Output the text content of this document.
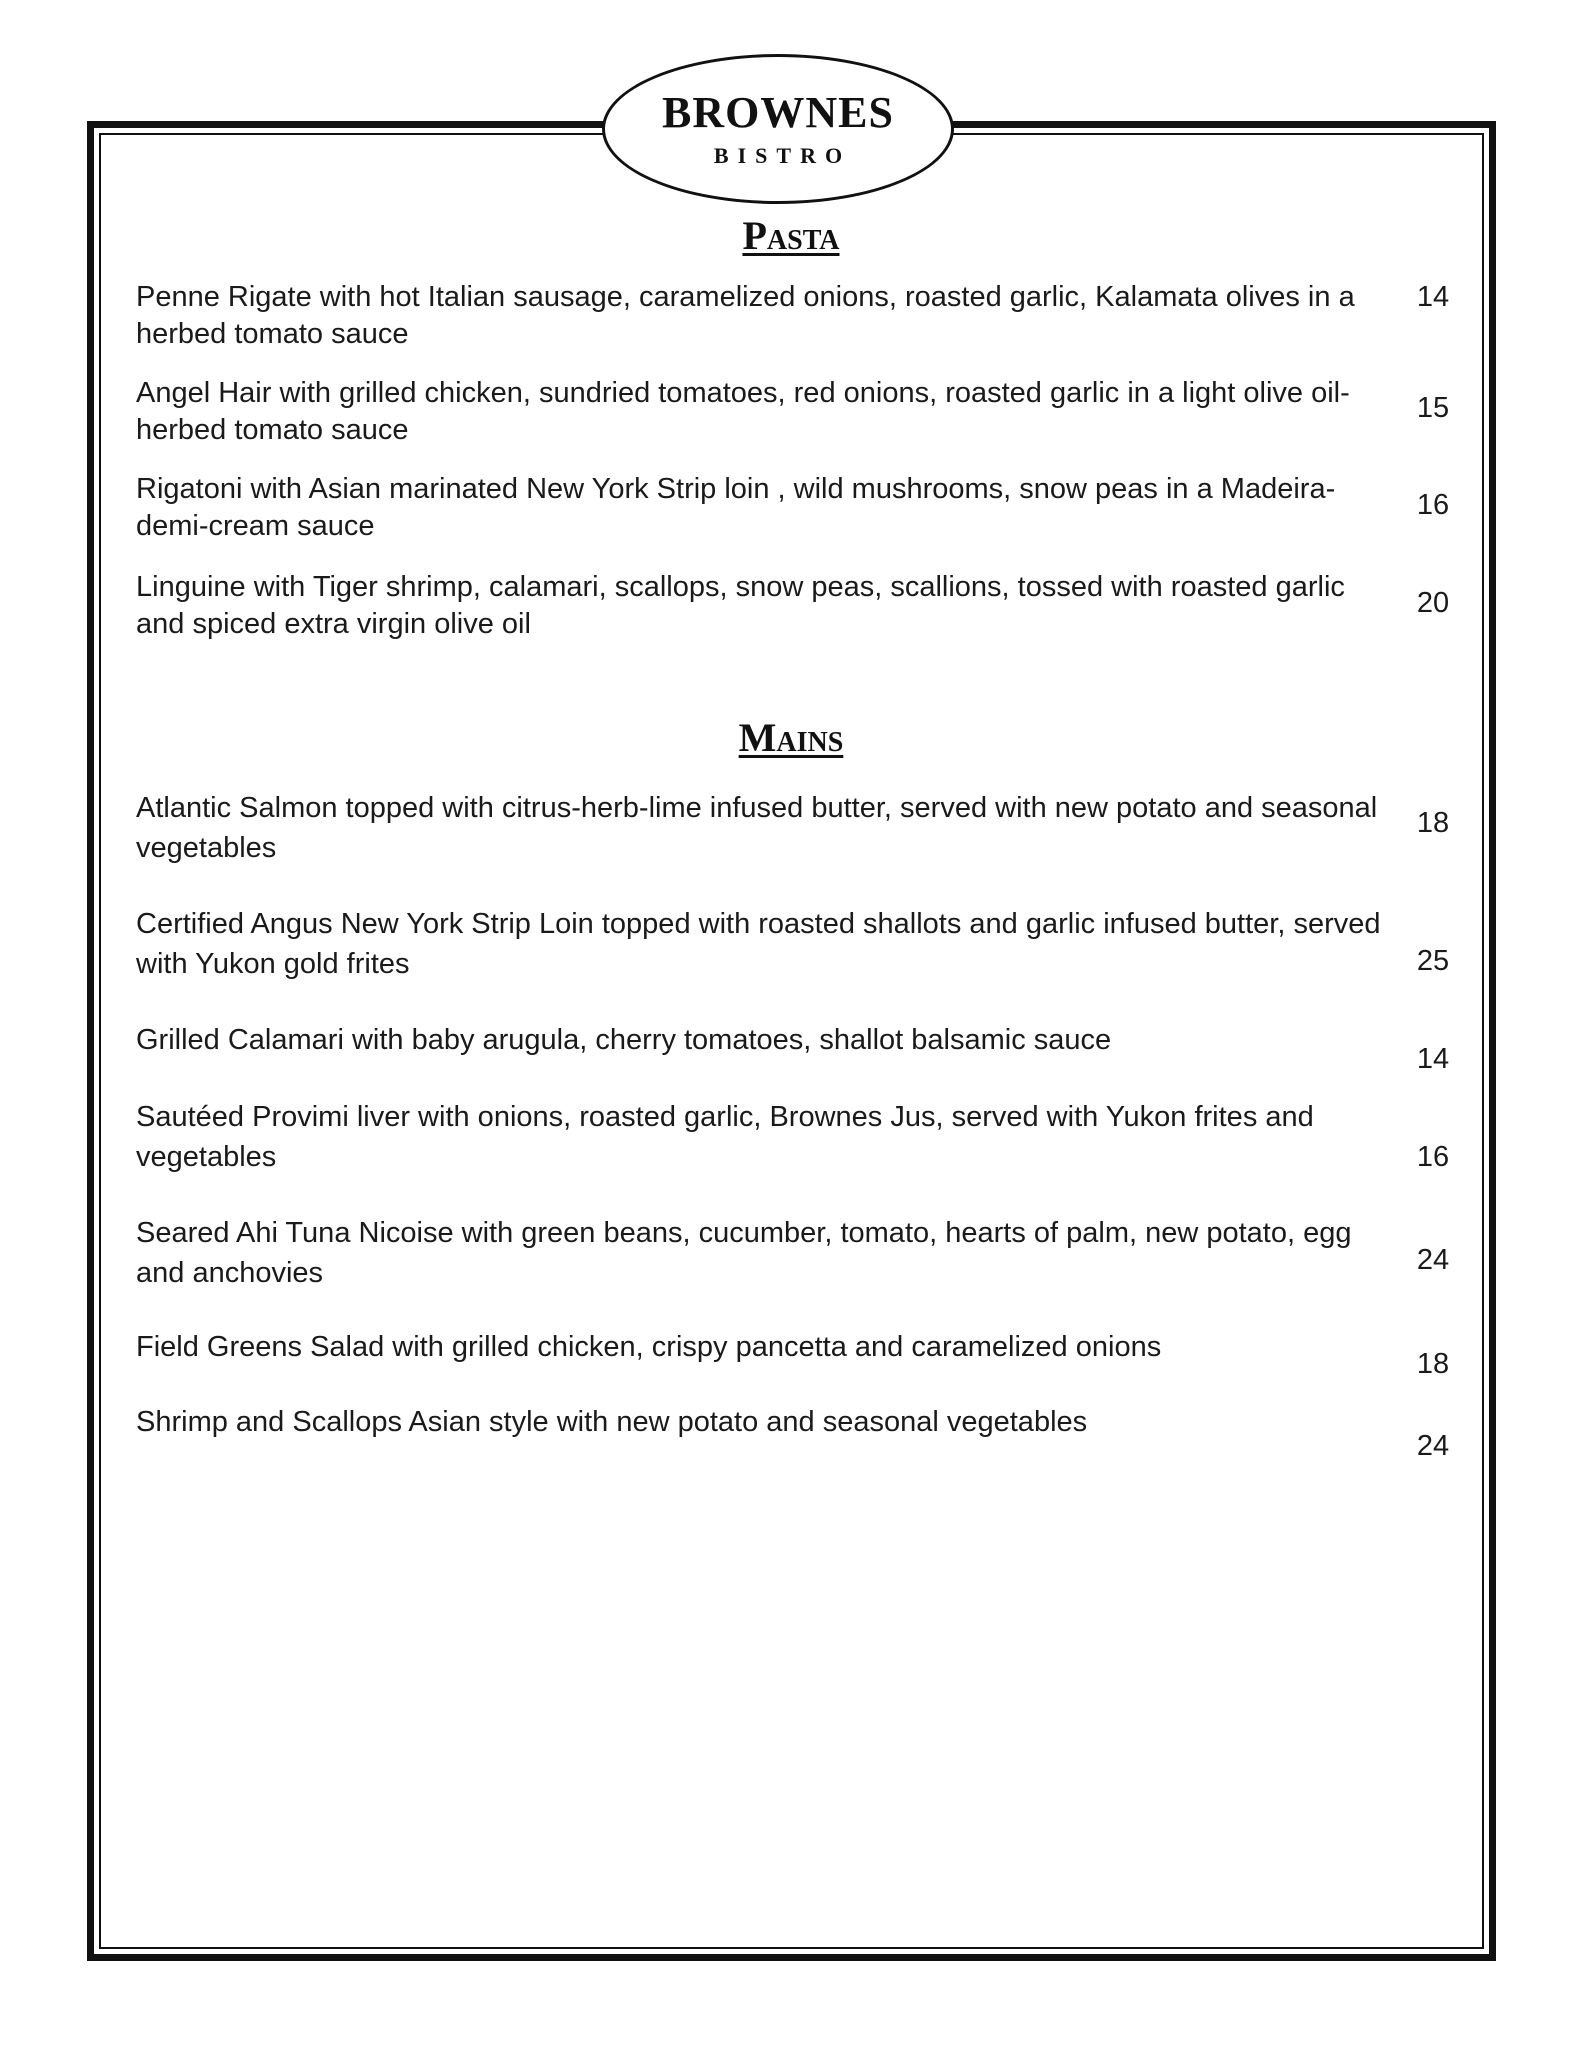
BROWNES
BISTRO
Pasta
Penne Rigate with hot Italian sausage, caramelized onions, roasted garlic, Kalamata olives in a herbed tomato sauce
14
Angel Hair with grilled chicken, sundried tomatoes, red onions, roasted garlic in a light olive oil-herbed tomato sauce
15
Rigatoni with Asian marinated New York Strip loin , wild mushrooms, snow peas in a Madeira-demi-cream sauce
16
Linguine with Tiger shrimp, calamari, scallops, snow peas, scallions, tossed with roasted garlic and spiced extra virgin olive oil
20
Mains
Atlantic Salmon topped with citrus-herb-lime infused butter, served with new potato and seasonal vegetables
18
Certified Angus New York Strip Loin topped with roasted shallots and garlic infused butter, served with Yukon gold frites	25
Grilled Calamari with baby arugula, cherry tomatoes, shallot balsamic sauce
14
Sautéed Provimi liver with onions, roasted garlic, Brownes Jus, served with Yukon frites and vegetables	16
Seared Ahi Tuna Nicoise with green beans, cucumber, tomato, hearts of palm, new potato, egg and anchovies	24
Field Greens Salad with grilled chicken, crispy pancetta and caramelized onions
18
Shrimp and Scallops Asian style with new potato and seasonal vegetables
24
